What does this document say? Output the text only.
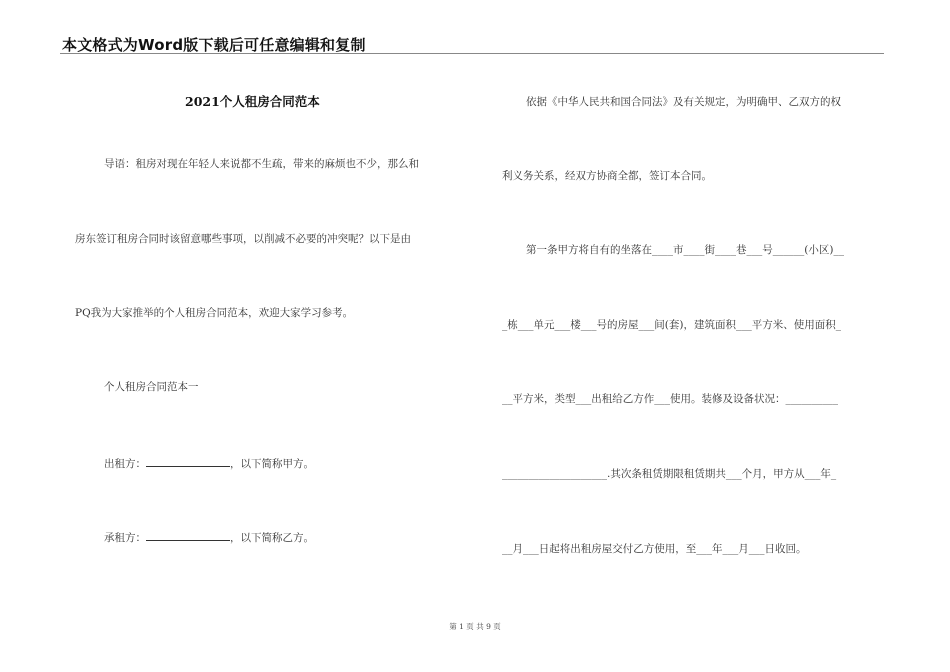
本文格式为Word版下载后可任意编辑和复制
2021个人租房合同范本
导语：租房对现在年轻人来说都不生疏，带来的麻烦也不少，那么和
房东签订租房合同时该留意哪些事项，以削减不必要的冲突呢？以下是由
PQ我为大家推举的个人租房合同范本，欢迎大家学习参考。
个人租房合同范本一
出租方：	，以下简称甲方。
承租方：	，以下简称乙方。
依据《中华人民共和国合同法》及有关规定，为明确甲、乙双方的权
利义务关系，经双方协商全都，签订本合同。
第一条甲方将自有的坐落在____市____街____巷___号______(小区)__
_栋___单元___楼___号的房屋___间(套)，建筑面积___平方米、使用面积_
__平方米，类型___出租给乙方作___使用。装修及设备状况：__________
____________________.其次条租赁期限租赁期共___个月，甲方从___年_
__月___日起将出租房屋交付乙方使用，至___年___月___日收回。
第 1 页 共 9 页
